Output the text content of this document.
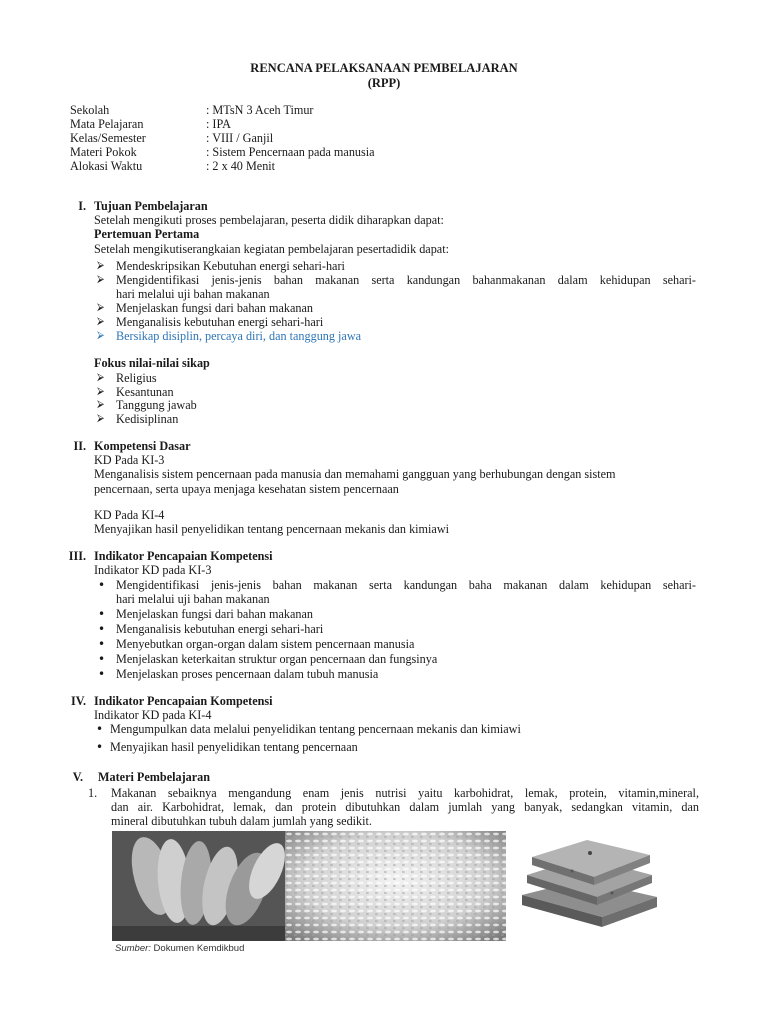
RENCANA PELAKSANAAN PEMBELAJARAN
(RPP)
Sekolah	: MTsN 3 Aceh Timur
Mata Pelajaran	: IPA
Kelas/Semester	: VIII / Ganjil
Materi Pokok	: Sistem Pencernaan pada manusia
Alokasi Waktu	: 2 x 40 Menit
I. Tujuan Pembelajaran
Setelah mengikuti proses pembelajaran, peserta didik diharapkan dapat:
Pertemuan Pertama
Setelah mengikutiserangkaian kegiatan pembelajaran pesertadidik dapat:
⮚ Mendeskripsikan Kebutuhan energi sehari-hari
⮚ Mengidentifikasi jenis-jenis bahan makanan serta kandungan bahanmakanan dalam kehidupan sehari-
hari melalui uji bahan makanan
⮚ Menjelaskan fungsi dari bahan makanan
⮚ Menganalisis kebutuhan energi sehari-hari
⮚ Bersikap disiplin, percaya diri, dan tanggung jawa
Fokus nilai-nilai sikap
⮚ Religius
⮚ Kesantunan
⮚ Tanggung jawab
⮚ Kedisiplinan
II. Kompetensi Dasar
KD Pada KI-3
Menganalisis sistem pencernaan pada manusia dan memahami gangguan yang berhubungan dengan sistem
pencernaan, serta upaya menjaga kesehatan sistem pencernaan
KD Pada KI-4
Menyajikan hasil penyelidikan tentang pencernaan mekanis dan kimiawi
III. Indikator Pencapaian Kompetensi
Indikator KD pada KI-3
• Mengidentifikasi jenis-jenis bahan makanan serta kandungan baha makanan dalam kehidupan sehari-
hari melalui uji bahan makanan
• Menjelaskan fungsi dari bahan makanan
• Menganalisis kebutuhan energi sehari-hari
• Menyebutkan organ-organ dalam sistem pencernaan manusia
• Menjelaskan keterkaitan struktur organ pencernaan dan fungsinya
• Menjelaskan proses pencernaan dalam tubuh manusia
IV. Indikator Pencapaian Kompetensi
Indikator KD pada KI-4
• Mengumpulkan data melalui penyelidikan tentang pencernaan mekanis dan kimiawi
• Menyajikan hasil penyelidikan tentang pencernaan
V. Materi Pembelajaran
1. Makanan sebaiknya mengandung enam jenis nutrisi yaitu karbohidrat, lemak, protein, vitamin,mineral,
dan air. Karbohidrat, lemak, dan protein dibutuhkan dalam jumlah yang banyak, sedangkan vitamin, dan
mineral dibutuhkan tubuh dalam jumlah yang sedikit.
Sumber: Dokumen Kemdikbud
